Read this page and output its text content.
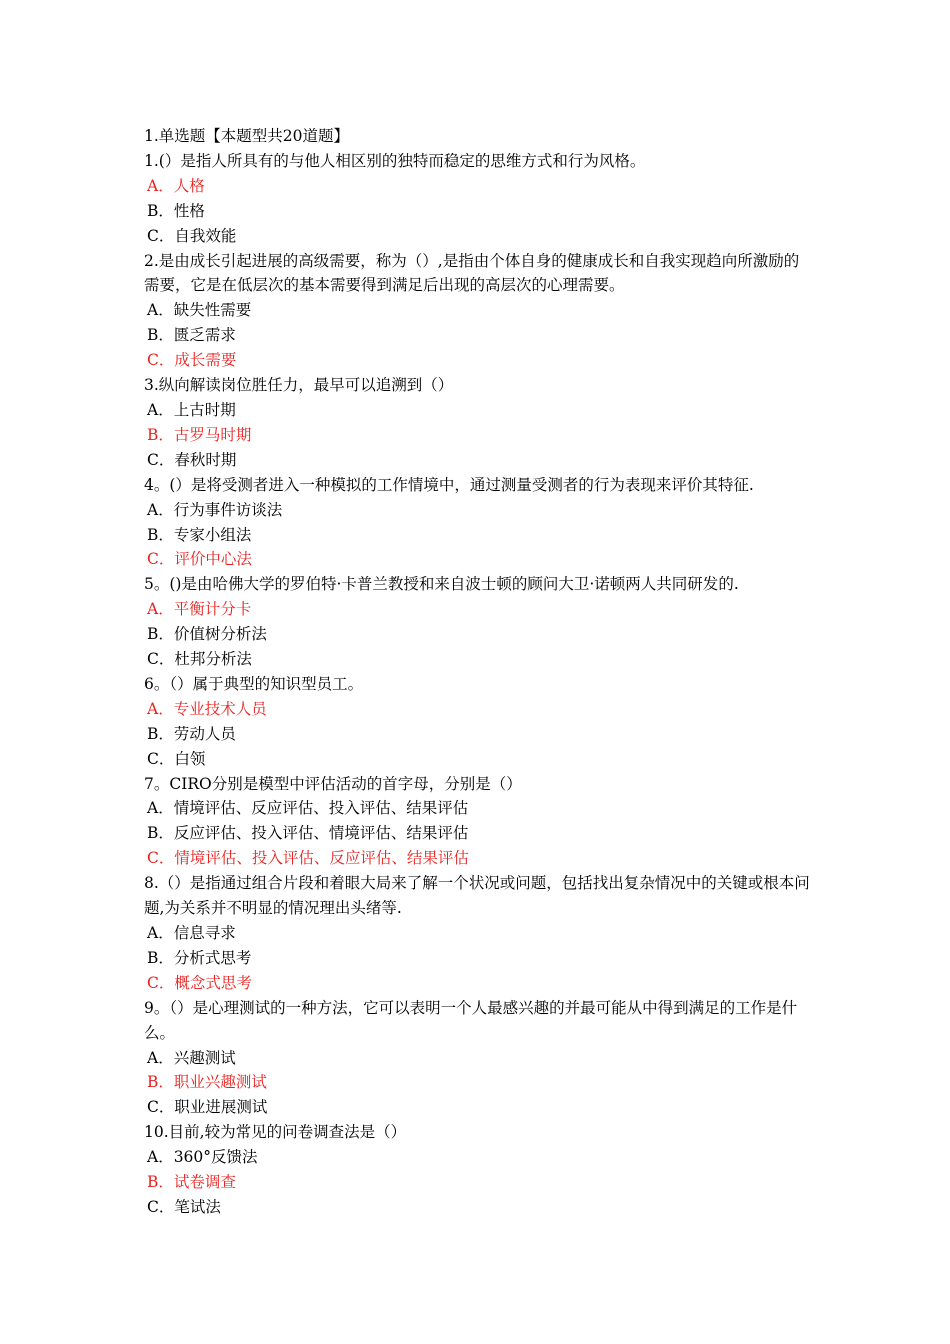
1.单选题【本题型共20道题】
1.(）是指人所具有的与他人相区别的独特而稳定的思维方式和行为风格。
A．人格
B．性格
C．自我效能
2.是由成长引起进展的高级需要，称为（）,是指由个体自身的健康成长和自我实现趋向所激励的需要，它是在低层次的基本需要得到满足后出现的高层次的心理需要。
A．缺失性需要
B．匮乏需求
C．成长需要
3.纵向解读岗位胜任力，最早可以追溯到（）
A．上古时期
B．古罗马时期
C．春秋时期
4。(）是将受测者进入一种模拟的工作情境中，通过测量受测者的行为表现来评价其特征.
A．行为事件访谈法
B．专家小组法
C．评价中心法
5。()是由哈佛大学的罗伯特·卡普兰教授和来自波士顿的顾问大卫·诺顿两人共同研发的.
A．平衡计分卡
B．价值树分析法
C．杜邦分析法
6。（）属于典型的知识型员工。
A．专业技术人员
B．劳动人员
C．白领
7。CIRO分别是模型中评估活动的首字母，分别是（）
A．情境评估、反应评估、投入评估、结果评估
B．反应评估、投入评估、情境评估、结果评估
C．情境评估、投入评估、反应评估、结果评估
8.（）是指通过组合片段和着眼大局来了解一个状况或问题，包括找出复杂情况中的关键或根本问题,为关系并不明显的情况理出头绪等.
A．信息寻求
B．分析式思考
C．概念式思考
9。（）是心理测试的一种方法，它可以表明一个人最感兴趣的并最可能从中得到满足的工作是什么。
A．兴趣测试
B．职业兴趣测试
C．职业进展测试
10.目前,较为常见的问卷调查法是（）
A．360°反馈法
B．试卷调查
C．笔试法
